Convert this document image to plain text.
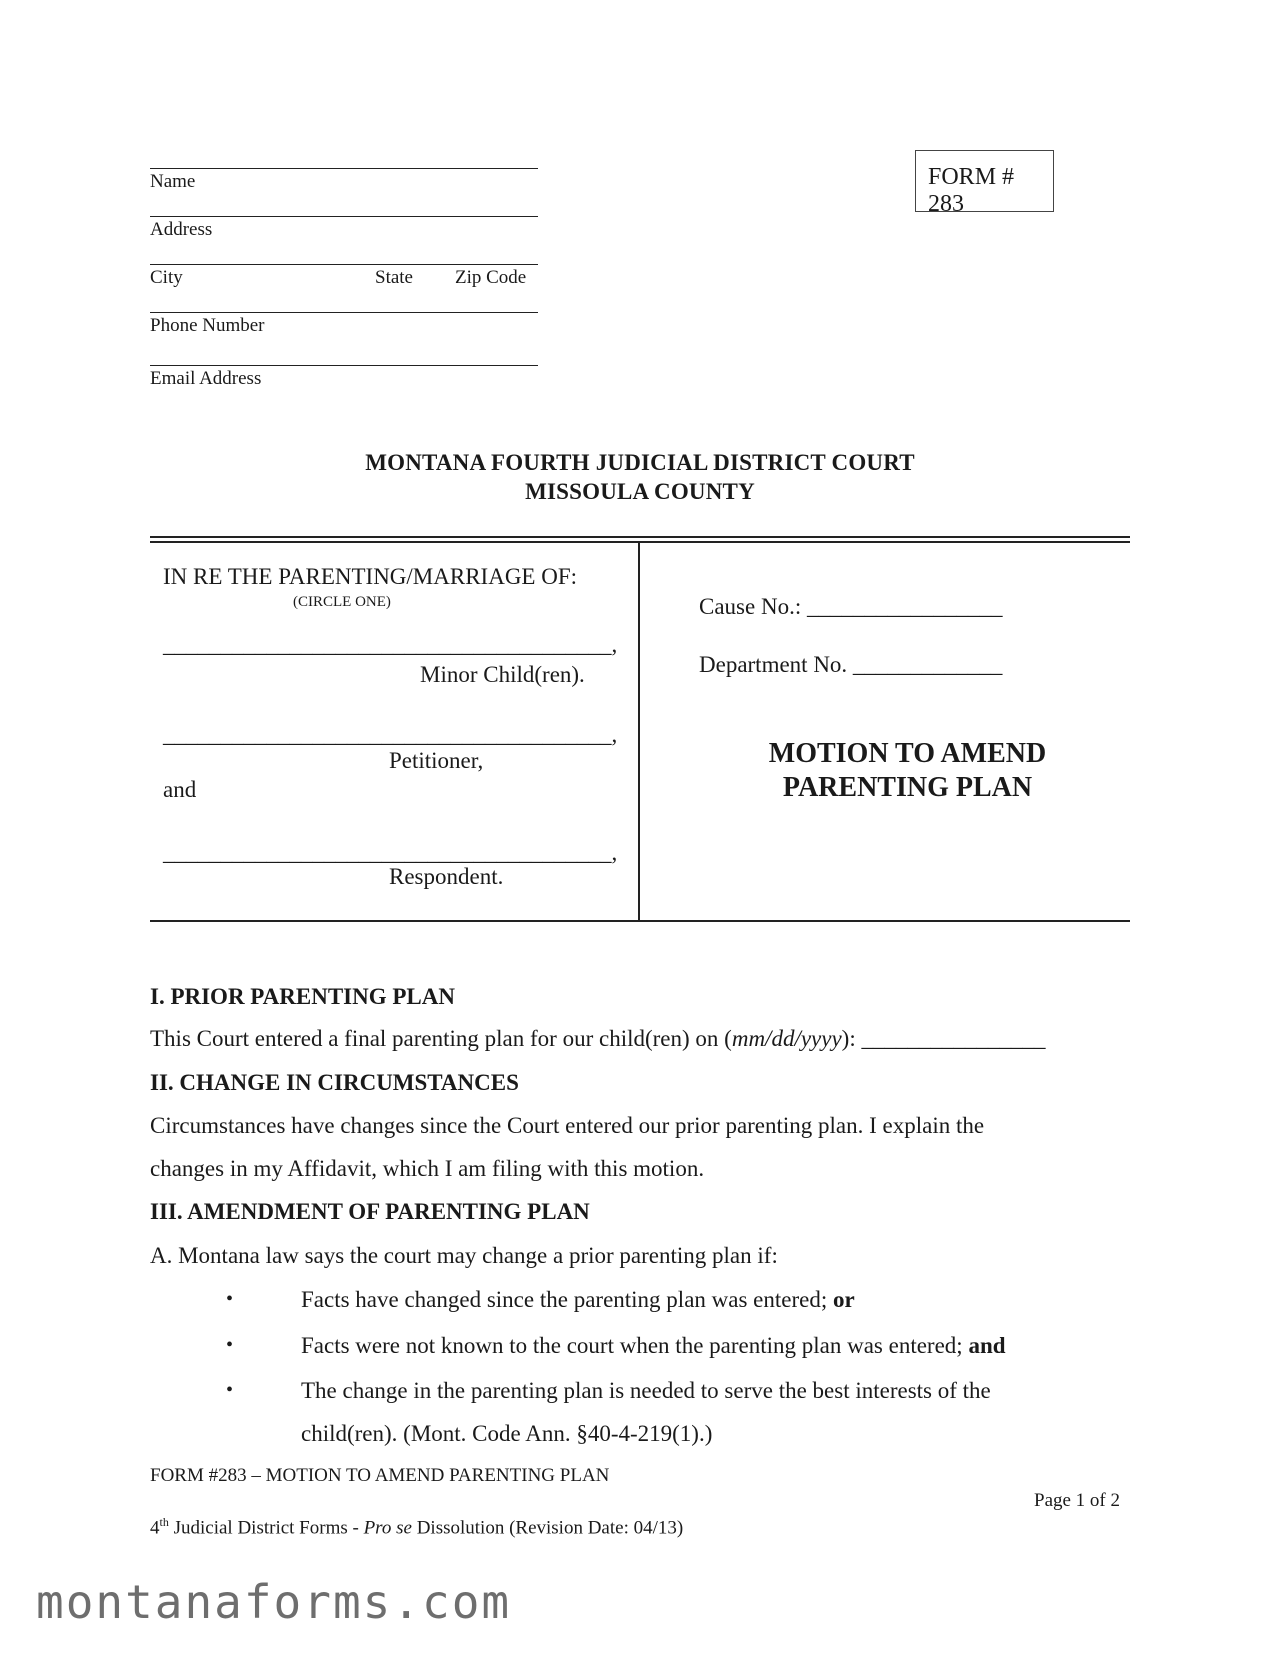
Name
Address
City	State Zip Code
Phone Number
Email Address
FORM # 283
MONTANA FOURTH JUDICIAL DISTRICT COURT
MISSOULA COUNTY
IN RE THE PARENTING/MARRIAGE OF:
(CIRCLE ONE)
_______________________________________,
Minor Child(ren).
_______________________________________,
Petitioner,
and
_______________________________________,
Respondent.
Cause No.: _________________
Department No. _____________
MOTION TO AMEND
PARENTING PLAN
I. PRIOR PARENTING PLAN
This Court entered a final parenting plan for our child(ren) on (mm/dd/yyyy): ________________
II. CHANGE IN CIRCUMSTANCES
Circumstances have changes since the Court entered our prior parenting plan. I explain the
changes in my Affidavit, which I am filing with this motion.
III. AMENDMENT OF PARENTING PLAN
A. Montana law says the court may change a prior parenting plan if:
•	Facts have changed since the parenting plan was entered; or
•	Facts were not known to the court when the parenting plan was entered; and
•	The change in the parenting plan is needed to serve the best interests of the
child(ren). (Mont. Code Ann. §40-4-219(1).)
FORM #283 – MOTION TO AMEND PARENTING PLAN
Page 1 of 2
4th Judicial District Forms - Pro se Dissolution (Revision Date: 04/13)
montanaforms.com
